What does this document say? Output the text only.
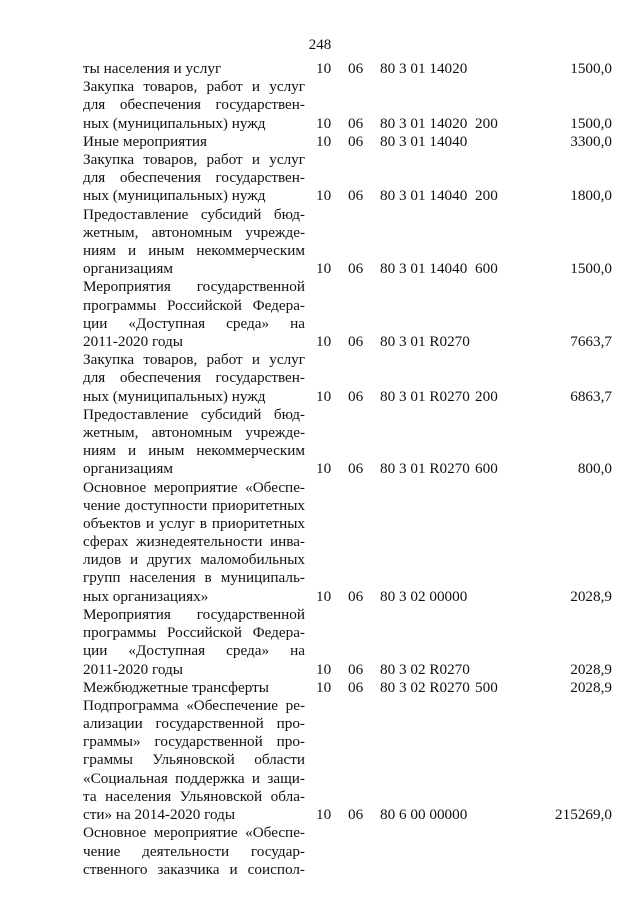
248
ты населения и услуг	10 06 80 3 01 14020	1500,0
Закупка товаров, работ и услуг
для обеспечения государствен-
ных (муниципальных) нужд	10 06 80 3 01 14020 200	1500,0
Иные мероприятия	10 06 80 3 01 14040	3300,0
Закупка товаров, работ и услуг
для обеспечения государствен-
ных (муниципальных) нужд	10 06 80 3 01 14040 200	1800,0
Предоставление субсидий бюд-
жетным, автономным учрежде-
ниям и иным некоммерческим
организациям	10 06 80 3 01 14040 600	1500,0
Мероприятия государственной
программы Российской Федера-
ции «Доступная среда» на
2011-2020 годы	10 06 80 3 01 R0270	7663,7
Закупка товаров, работ и услуг
для обеспечения государствен-
ных (муниципальных) нужд	10 06 80 3 01 R0270 200	6863,7
Предоставление субсидий бюд-
жетным, автономным учрежде-
ниям и иным некоммерческим
организациям	10 06 80 3 01 R0270 600	800,0
Основное мероприятие «Обеспе-
чение доступности приоритетных
объектов и услуг в приоритетных
сферах жизнедеятельности инва-
лидов и других маломобильных
групп населения в муниципаль-
ных организациях»	10 06 80 3 02 00000	2028,9
Мероприятия государственной
программы Российской Федера-
ции «Доступная среда» на
2011-2020 годы	10 06 80 3 02 R0270	2028,9
Межбюджетные трансферты	10 06 80 3 02 R0270 500	2028,9
Подпрограмма «Обеспечение ре-
ализации государственной про-
граммы» государственной про-
граммы Ульяновской области
«Социальная поддержка и защи-
та населения Ульяновской обла-
сти» на 2014-2020 годы	10 06 80 6 00 00000	215269,0
Основное мероприятие «Обеспе-
чение деятельности государ-
ственного заказчика и соиспол-
